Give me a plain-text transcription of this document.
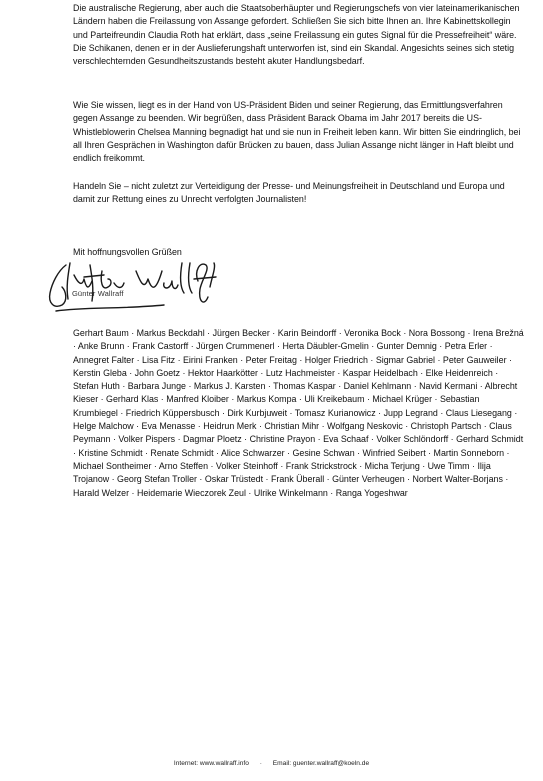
Die australische Regierung, aber auch die Staatsoberhäupter und Regierungschefs von vier lateinamerikanischen Ländern haben die Freilassung von Assange gefordert. Schließen Sie sich bitte Ihnen an. Ihre Kabinettskollegin und Parteifreundin Claudia Roth hat erklärt, dass „seine Freilassung ein gutes Signal für die Pressefreiheit“ wäre. Die Schikanen, denen er in der Auslieferungshaft unterworfen ist, sind ein Skandal. Angesichts seines sich stetig verschlechternden Gesundheitszustands besteht akuter Handlungsbedarf.

Wie Sie wissen, liegt es in der Hand von US-Präsident Biden und seiner Regierung, das Ermittlungsverfahren gegen Assange zu beenden. Wir begrüßen, dass Präsident Barack Obama im Jahr 2017 bereits die US-Whistleblowerin Chelsea Manning begnadigt hat und sie nun in Freiheit leben kann. Wir bitten Sie eindringlich, bei all Ihren Gesprächen in Washington dafür Brücken zu bauen, dass Julian Assange nicht länger in Haft bleibt und endlich freikommt.

Handeln Sie – nicht zuletzt zur Verteidigung der Presse- und Meinungsfreiheit in Deutschland und Europa und damit zur Rettung eines zu Unrecht verfolgten Journalisten!

Mit hoffnungsvollen Grüßen

Günter Wallraff

Gerhart Baum · Markus Beckdahl · Jürgen Becker · Karin Beindorff · Veronika Bock · Nora Bossong · Irena Brežná · Anke Brunn · Frank Castorff · Jürgen Crummenerl · Herta Däubler-Gmelin · Gunter Demnig · Petra Erler · Annegret Falter · Lisa Fitz · Eirini Franken · Peter Freitag · Holger Friedrich · Sigmar Gabriel · Peter Gauweiler · Kerstin Gleba · John Goetz · Hektor Haarkötter · Lutz Hachmeister · Kaspar Heidelbach · Elke Heidenreich · Stefan Huth · Barbara Junge · Markus J. Karsten · Thomas Kaspar · Daniel Kehlmann · Navid Kermani · Albrecht Kieser · Gerhard Klas · Manfred Kloiber · Markus Kompa · Uli Kreikebaum · Michael Krüger · Sebastian Krumbiegel · Friedrich Küppersbusch · Dirk Kurbjuweit · Tomasz Kurianowicz · Jupp Legrand · Claus Liesegang · Helge Malchow · Eva Menasse · Heidrun Merk · Christian Mihr · Wolfgang Neskovic · Christoph Partsch · Claus Peymann · Volker Pispers · Dagmar Ploetz · Christine Prayon · Eva Schaaf · Volker Schlöndorff · Gerhard Schmidt · Kristine Schmidt · Renate Schmidt · Alice Schwarzer · Gesine Schwan · Winfried Seibert · Martin Sonneborn · Michael Sontheimer · Arno Steffen · Volker Steinhoff · Frank Strickstrock · Micha Terjung · Uwe Timm · Ilija Trojanow · Georg Stefan Troller · Oskar Trüstedt · Frank Überall · Günter Verheugen · Norbert Walter-Borjans · Harald Welzer · Heidemarie Wieczorek Zeul · Ulrike Winkelmann · Ranga Yogeshwar

Internet: www.wallraff.info · Email: guenter.wallraff@koeln.de
